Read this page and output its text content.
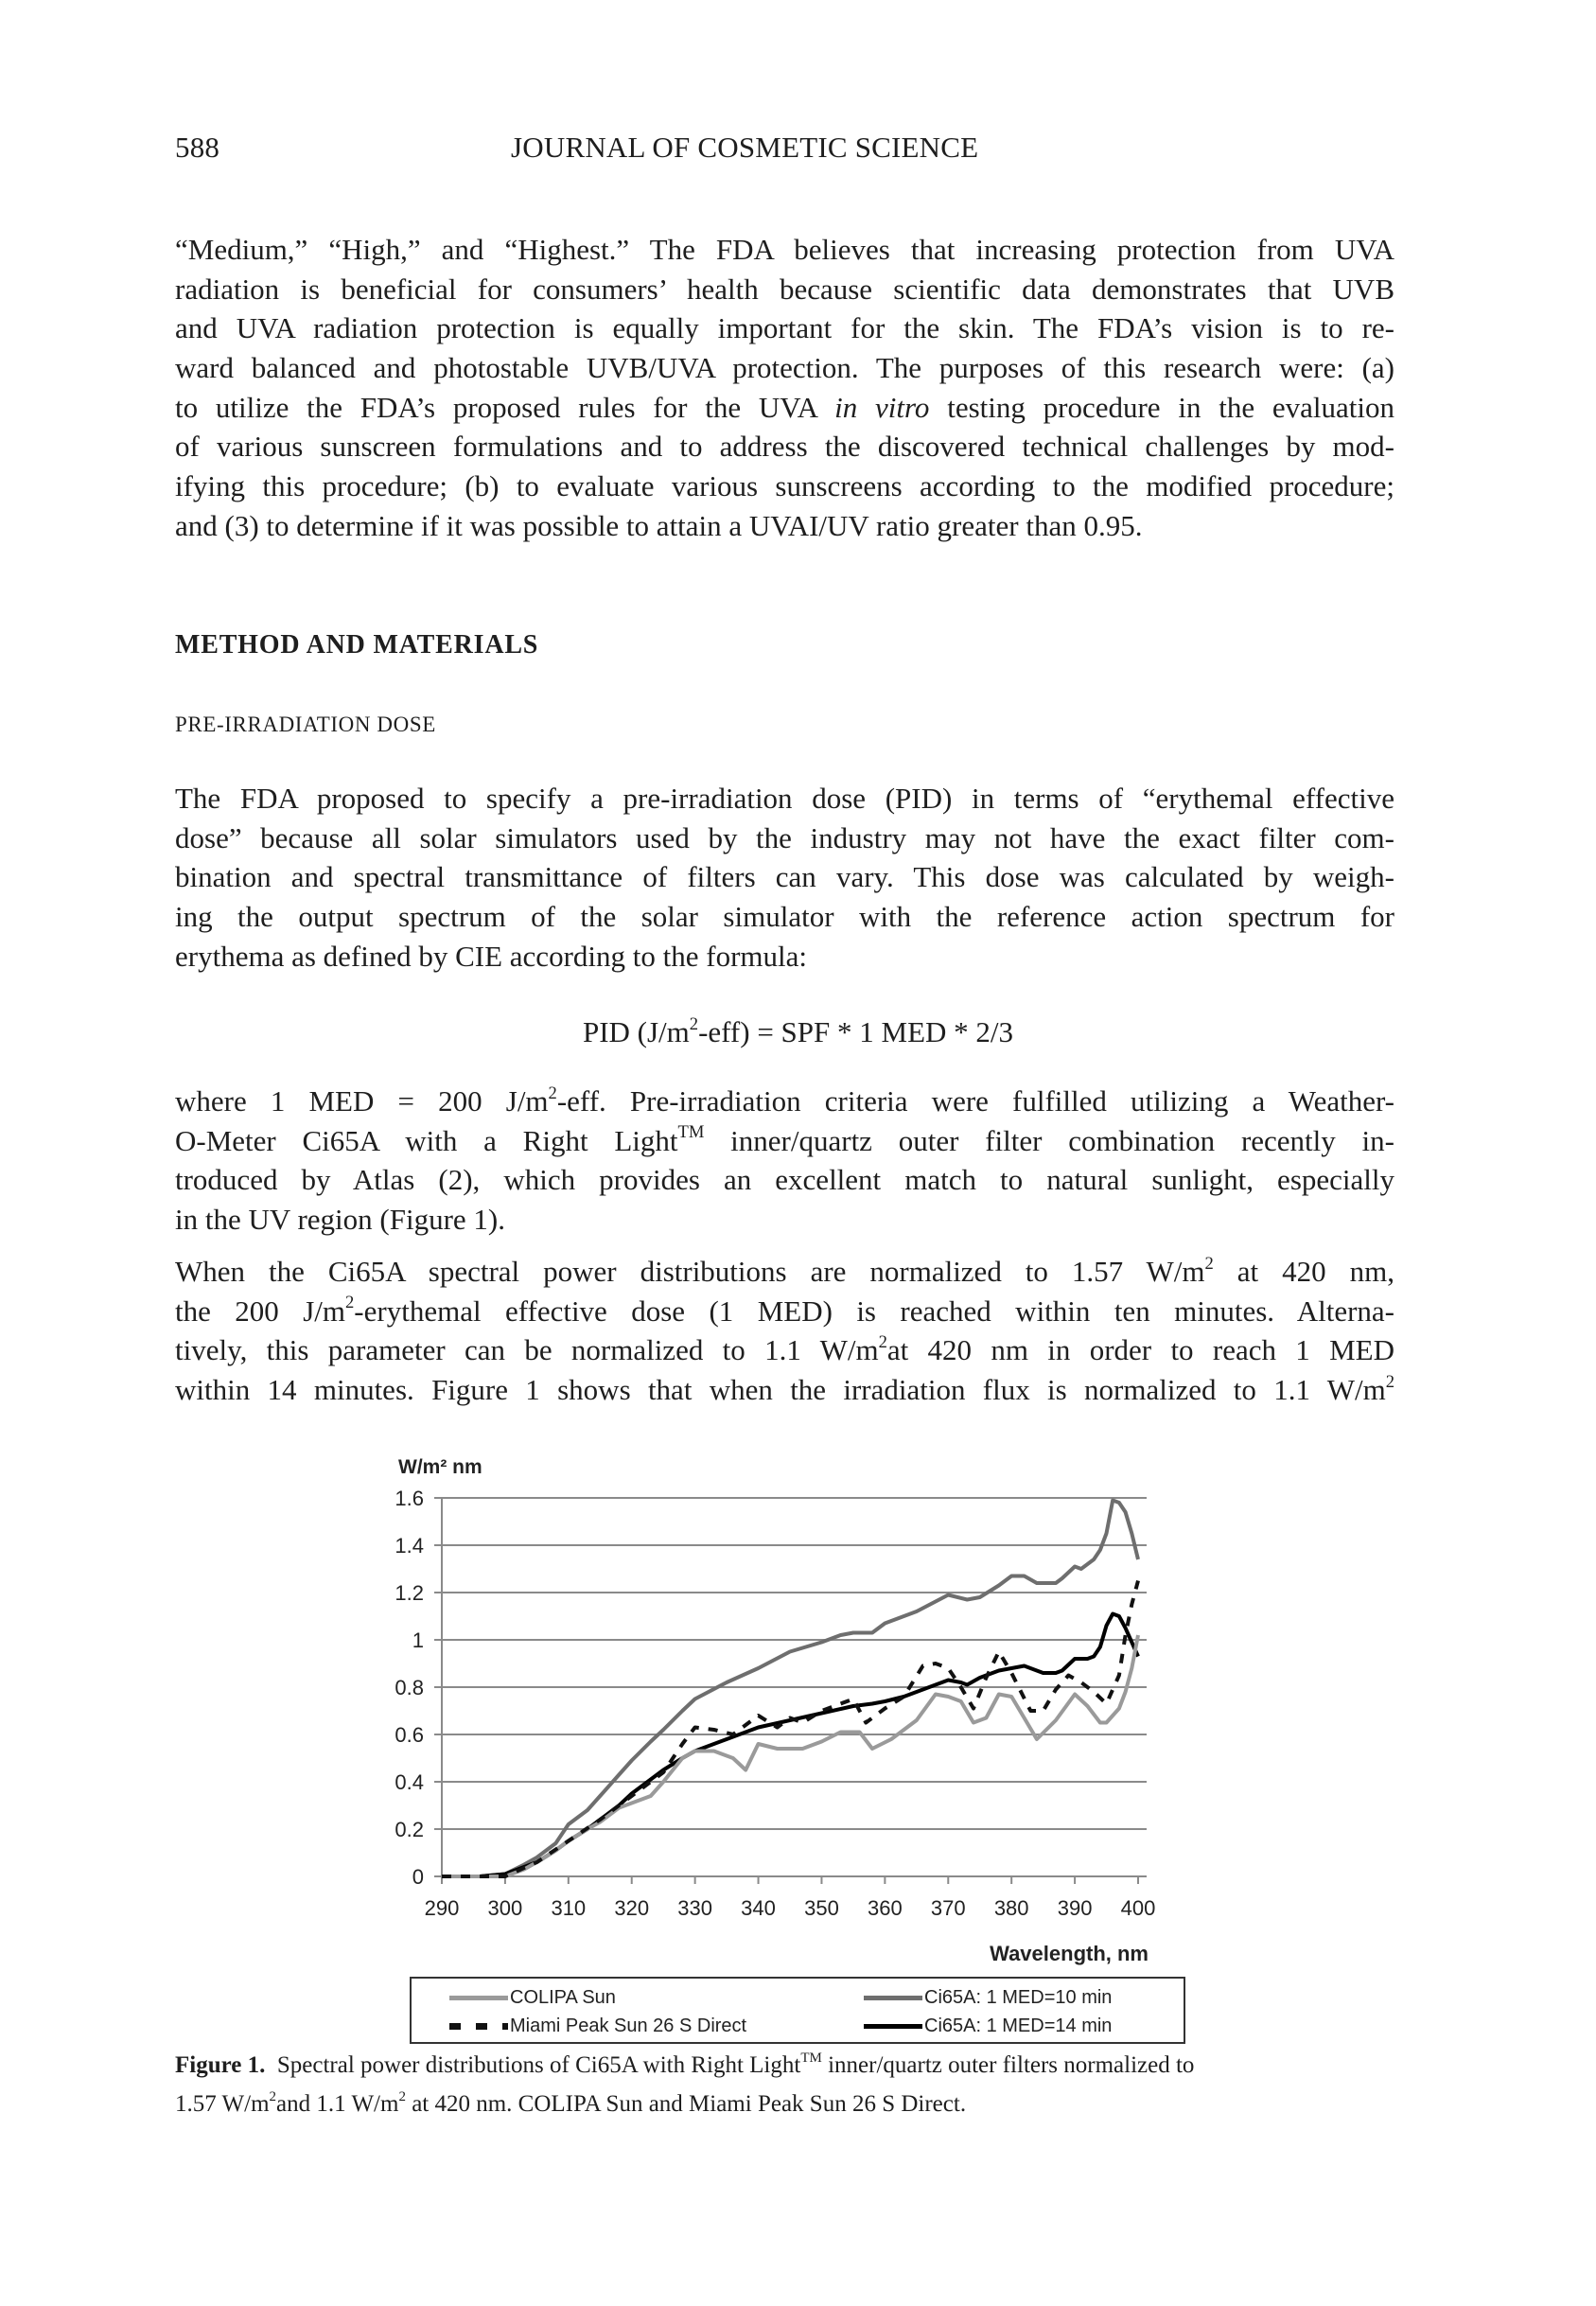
588	JOURNAL OF COSMETIC SCIENCE
“Medium,” “High,” and “Highest.” The FDA believes that increasing protection from UVA
radiation is beneficial for consumers’ health because scientific data demonstrates that UVB
and UVA radiation protection is equally important for the skin. The FDA’s vision is to re-
ward balanced and photostable UVB/UVA protection. The purposes of this research were: (a)
to utilize the FDA’s proposed rules for the UVA in vitro testing procedure in the evaluation
of various sunscreen formulations and to address the discovered technical challenges by mod-
ifying this procedure; (b) to evaluate various sunscreens according to the modified procedure;
and (3) to determine if it was possible to attain a UVAI/UV ratio greater than 0.95.
METHOD AND MATERIALS
PRE-IRRADIATION DOSE
The FDA proposed to specify a pre-irradiation dose (PID) in terms of “erythemal effective
dose” because all solar simulators used by the industry may not have the exact filter com-
bination and spectral transmittance of filters can vary. This dose was calculated by weigh-
ing the output spectrum of the solar simulator with the reference action spectrum for
erythema as defined by CIE according to the formula:
PID $(J/m^2-eff)$ = SPF * 1 MED * 2/3
where 1 MED = 200 $J/m^2$-eff. Pre-irradiation criteria were fulfilled utilizing a Weather-
O-Meter Ci65A with a Right Light™ inner/quartz outer filter combination recently in-
troduced by Atlas (2), which provides an excellent match to natural sunlight, especially
in the UV region (Figure 1).
When the Ci65A spectral power distributions are normalized to 1.57 $W/m^2$ at 420 nm,
the 200 $J/m^2$-erythemal effective dose (1 MED) is reached within ten minutes. Alterna-
tively, this parameter can be normalized to 1.1 $W/m^2at$ 420 nm in order to reach 1 MED
within 14 minutes. Figure 1 shows that when the irradiation flux is normalized to 1.1 $W/m^2$
W/m² nm
0
0.2
0.4
0.6
0.8
1
1.2
1.4
1.6
290 300 310 320 330 340 350 360 370 380 390 400
Wavelength, nm
COLIPA Sun
Miami Peak Sun 26 S Direct
Ci65A: 1 MED=10 min
Ci65A: 1 MED=14 min
Figure 1. Spectral power distributions of Ci65A with Right Light™ inner/quartz outer filters normalized to
1.57 $W/m^2and$ 1.1 $W/m^2$ at 420 nm. COLIPA Sun and Miami Peak Sun 26 S Direct.
